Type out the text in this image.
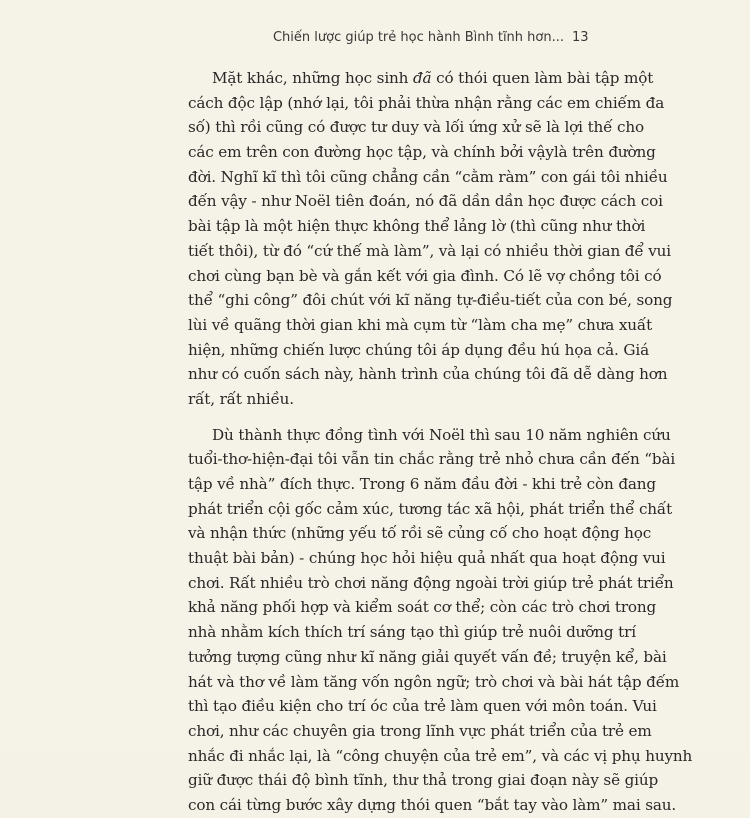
Chiến lược giúp trẻ học hành Bình tĩnh hơn... 13
Mặt khác, những học sinh đã có thói quen làm bài tập một
cách độc lập (nhớ lại, tôi phải thừa nhận rằng các em chiếm đa
số) thì rồi cũng có được tư duy và lối ứng xử sẽ là lợi thế cho
các em trên con đường học tập, và chính bởi vậylà trên đường
đời. Nghĩ kĩ thì tôi cũng chẳng cần “cằm ràm” con gái tôi nhiều
đến vậy - như Noël tiên đoán, nó đã dần dần học được cách coi
bài tập là một hiện thực không thể lảng lờ (thì cũng như thời
tiết thôi), từ đó “cứ thế mà làm”, và lại có nhiều thời gian để vui
chơi cùng bạn bè và gắn kết với gia đình. Có lẽ vợ chồng tôi có
thể “ghi công” đôi chút với kĩ năng tự-điều-tiết của con bé, song
lùi về quãng thời gian khi mà cụm từ “làm cha mẹ” chưa xuất
hiện, những chiến lược chúng tôi áp dụng đều hú họa cả. Giá
như có cuốn sách này, hành trình của chúng tôi đã dễ dàng hơn
rất, rất nhiều.
Dù thành thực đồng tình với Noël thì sau 10 năm nghiên cứu
tuổi-thơ-hiện-đại tôi vẫn tin chắc rằng trẻ nhỏ chưa cần đến “bài
tập về nhà” đích thực. Trong 6 năm đầu đời - khi trẻ còn đang
phát triển cội gốc cảm xúc, tương tác xã hội, phát triển thể chất
và nhận thức (những yếu tố rồi sẽ củng cố cho hoạt động học
thuật bài bản) - chúng học hỏi hiệu quả nhất qua hoạt động vui
chơi. Rất nhiều trò chơi năng động ngoài trời giúp trẻ phát triển
khả năng phối hợp và kiểm soát cơ thể; còn các trò chơi trong
nhà nhằm kích thích trí sáng tạo thì giúp trẻ nuôi dưỡng trí
tưởng tượng cũng như kĩ năng giải quyết vấn đề; truyện kể, bài
hát và thơ về làm tăng vốn ngôn ngữ; trò chơi và bài hát tập đếm
thì tạo điều kiện cho trí óc của trẻ làm quen với môn toán. Vui
chơi, như các chuyên gia trong lĩnh vực phát triển của trẻ em
nhắc đi nhắc lại, là “công chuyện của trẻ em”, và các vị phụ huynh
giữ được thái độ bình tĩnh, thư thả trong giai đoạn này sẽ giúp
con cái từng bước xây dựng thói quen “bắt tay vào làm” mai sau.
